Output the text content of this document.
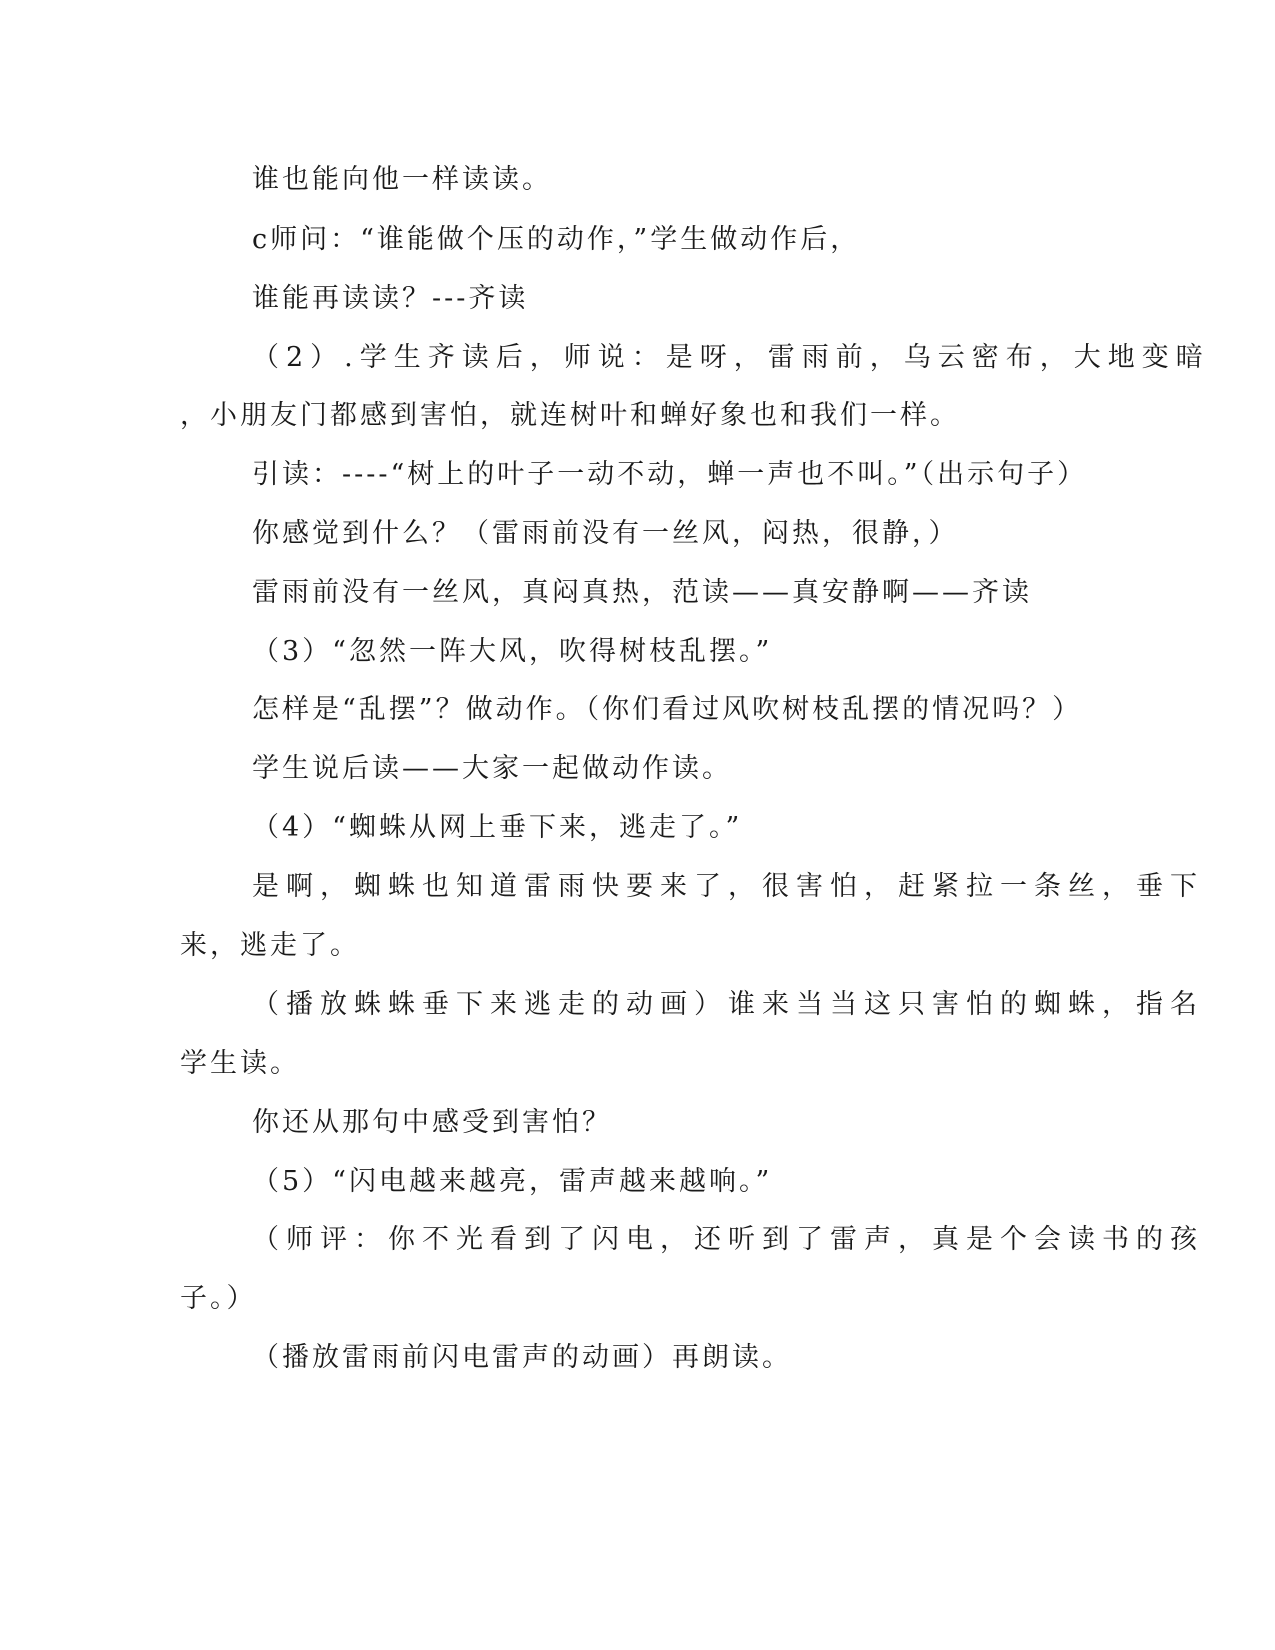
谁也能向他一样读读。
c师问：“谁能做个压的动作，”学生做动作后，
谁能再读读？---齐读
（2）.学生齐读后，师说：是呀，雷雨前，乌云密布，大地变暗
，小朋友门都感到害怕，就连树叶和蝉好象也和我们一样。
引读：----“树上的叶子一动不动，蝉一声也不叫。”（出示句子）
你感觉到什么？（雷雨前没有一丝风，闷热，很静，）
雷雨前没有一丝风，真闷真热，范读——真安静啊——齐读
（3）“忽然一阵大风，吹得树枝乱摆。”
怎样是“乱摆”？做动作。（你们看过风吹树枝乱摆的情况吗？）
学生说后读——大家一起做动作读。
（4）“蜘蛛从网上垂下来，逃走了。”
是啊，蜘蛛也知道雷雨快要来了，很害怕，赶紧拉一条丝，垂下
来，逃走了。
（播放蛛蛛垂下来逃走的动画）谁来当当这只害怕的蜘蛛，指名
学生读。
你还从那句中感受到害怕？
（5）“闪电越来越亮，雷声越来越响。”
（师评：你不光看到了闪电，还听到了雷声，真是个会读书的孩
子。）
（播放雷雨前闪电雷声的动画）再朗读。
